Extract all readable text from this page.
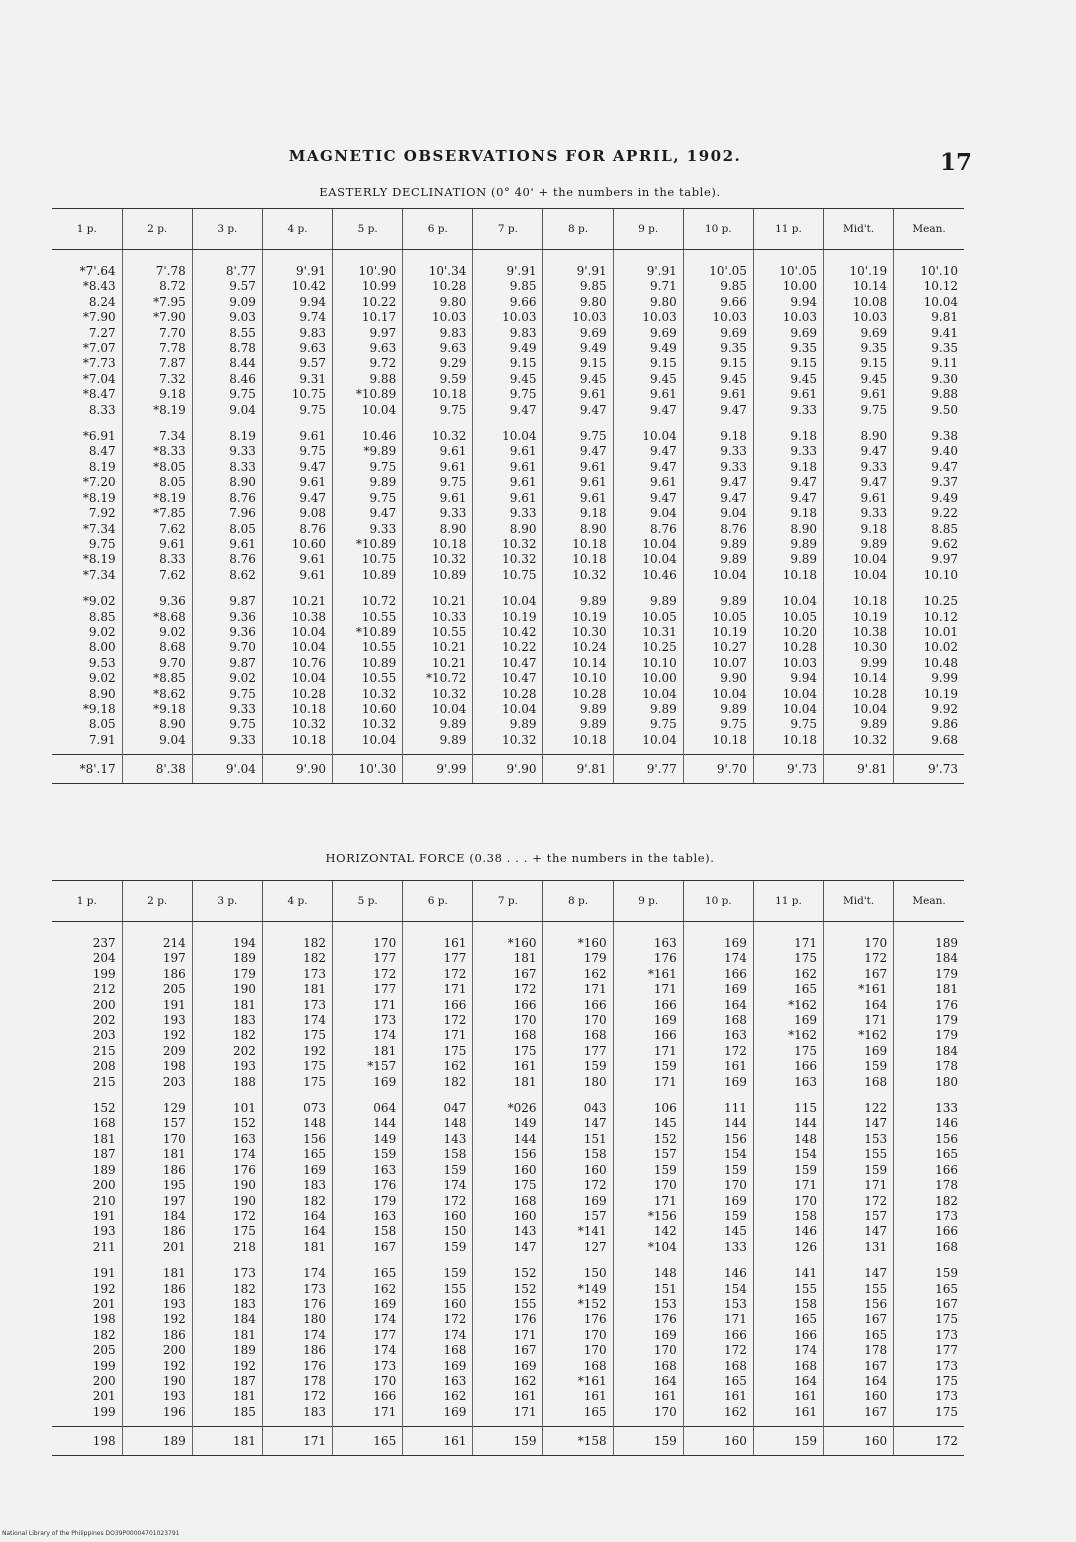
MAGNETIC OBSERVATIONS FOR APRIL, 1902.	17
EASTERLY DECLINATION (0° 40' + the numbers in the table).
1 p.	2 p.	3 p.	4 p.	5 p.	6 p.	7 p.	8 p.	9 p.	10 p.	11 p.	Mid't.	Mean.

*7'.64	7'.78	8'.77	9'.91	10'.90	10'.34	9'.91	9'.91	9'.91	10'.05	10'.05	10'.19	10'.10
*8.43	8.72	9.57	10.42	10.99	10.28	9.85	9.85	9.71	9.85	10.00	10.14	10.12
8.24	*7.95	9.09	9.94	10.22	9.80	9.66	9.80	9.80	9.66	9.94	10.08	10.04
*7.90	*7.90	9.03	9.74	10.17	10.03	10.03	10.03	10.03	10.03	10.03	10.03	9.81
7.27	7.70	8.55	9.83	9.97	9.83	9.83	9.69	9.69	9.69	9.69	9.69	9.41
*7.07	7.78	8.78	9.63	9.63	9.63	9.49	9.49	9.49	9.35	9.35	9.35	9.35
*7.73	7.87	8.44	9.57	9.72	9.29	9.15	9.15	9.15	9.15	9.15	9.15	9.11
*7.04	7.32	8.46	9.31	9.88	9.59	9.45	9.45	9.45	9.45	9.45	9.45	9.30
*8.47	9.18	9.75	10.75	*10.89	10.18	9.75	9.61	9.61	9.61	9.61	9.61	9.88
8.33	*8.19	9.04	9.75	10.04	9.75	9.47	9.47	9.47	9.47	9.33	9.75	9.50

*6.91	7.34	8.19	9.61	10.46	10.32	10.04	9.75	10.04	9.18	9.18	8.90	9.38
8.47	*8.33	9.33	9.75	*9.89	9.61	9.61	9.47	9.47	9.33	9.33	9.47	9.40
8.19	*8.05	8.33	9.47	9.75	9.61	9.61	9.61	9.47	9.33	9.18	9.33	9.47
*7.20	8.05	8.90	9.61	9.89	9.75	9.61	9.61	9.61	9.47	9.47	9.47	9.37
*8.19	*8.19	8.76	9.47	9.75	9.61	9.61	9.61	9.47	9.47	9.47	9.61	9.49
7.92	*7.85	7.96	9.08	9.47	9.33	9.33	9.18	9.04	9.04	9.18	9.33	9.22
*7.34	7.62	8.05	8.76	9.33	8.90	8.90	8.90	8.76	8.76	8.90	9.18	8.85
9.75	9.61	9.61	10.60	*10.89	10.18	10.32	10.18	10.04	9.89	9.89	9.89	9.62
*8.19	8.33	8.76	9.61	10.75	10.32	10.32	10.18	10.04	9.89	9.89	10.04	9.97
*7.34	7.62	8.62	9.61	10.89	10.89	10.75	10.32	10.46	10.04	10.18	10.04	10.10

*9.02	9.36	9.87	10.21	10.72	10.21	10.04	9.89	9.89	9.89	10.04	10.18	10.25
8.85	*8.68	9.36	10.38	10.55	10.33	10.19	10.19	10.05	10.05	10.05	10.19	10.12
9.02	9.02	9.36	10.04	*10.89	10.55	10.42	10.30	10.31	10.19	10.20	10.38	10.01
8.00	8.68	9.70	10.04	10.55	10.21	10.22	10.24	10.25	10.27	10.28	10.30	10.02
9.53	9.70	9.87	10.76	10.89	10.21	10.47	10.14	10.10	10.07	10.03	9.99	10.48
9.02	*8.85	9.02	10.04	10.55	*10.72	10.47	10.10	10.00	9.90	9.94	10.14	9.99
8.90	*8.62	9.75	10.28	10.32	10.32	10.28	10.28	10.04	10.04	10.04	10.28	10.19
*9.18	*9.18	9.33	10.18	10.60	10.04	10.04	9.89	9.89	9.89	10.04	10.04	9.92
8.05	8.90	9.75	10.32	10.32	9.89	9.89	9.89	9.75	9.75	9.75	9.89	9.86
7.91	9.04	9.33	10.18	10.04	9.89	10.32	10.18	10.04	10.18	10.18	10.32	9.68

*8'.17	8'.38	9'.04	9'.90	10'.30	9'.99	9'.90	9'.81	9'.77	9'.70	9'.73	9'.81	9'.73
HORIZONTAL FORCE (0.38 . . . + the numbers in the table).
1 p.	2 p.	3 p.	4 p.	5 p.	6 p.	7 p.	8 p.	9 p.	10 p.	11 p.	Mid't.	Mean.

237	214	194	182	170	161	*160	*160	163	169	171	170	189
204	197	189	182	177	177	181	179	176	174	175	172	184
199	186	179	173	172	172	167	162	*161	166	162	167	179
212	205	190	181	177	171	172	171	171	169	165	*161	181
200	191	181	173	171	166	166	166	166	164	*162	164	176
202	193	183	174	173	172	170	170	169	168	169	171	179
203	192	182	175	174	171	168	168	166	163	*162	*162	179
215	209	202	192	181	175	175	177	171	172	175	169	184
208	198	193	175	*157	162	161	159	159	161	166	159	178
215	203	188	175	169	182	181	180	171	169	163	168	180

152	129	101	073	064	047	*026	043	106	111	115	122	133
168	157	152	148	144	148	149	147	145	144	144	147	146
181	170	163	156	149	143	144	151	152	156	148	153	156
187	181	174	165	159	158	156	158	157	154	154	155	165
189	186	176	169	163	159	160	160	159	159	159	159	166
200	195	190	183	176	174	175	172	170	170	171	171	178
210	197	190	182	179	172	168	169	171	169	170	172	182
191	184	172	164	163	160	160	157	*156	159	158	157	173
193	186	175	164	158	150	143	*141	142	145	146	147	166
211	201	218	181	167	159	147	127	*104	133	126	131	168

191	181	173	174	165	159	152	150	148	146	141	147	159
192	186	182	173	162	155	152	*149	151	154	155	155	165
201	193	183	176	169	160	155	*152	153	153	158	156	167
198	192	184	180	174	172	176	176	176	171	165	167	175
182	186	181	174	177	174	171	170	169	166	166	165	173
205	200	189	186	174	168	167	170	170	172	174	178	177
199	192	192	176	173	169	169	168	168	168	168	167	173
200	190	187	178	170	163	162	*161	164	165	164	164	175
201	193	181	172	166	162	161	161	161	161	161	160	173
199	196	185	183	171	169	171	165	170	162	161	167	175

198	189	181	171	165	161	159	*158	159	160	159	160	172
National Library of the Philippines DO39P00004701023791
